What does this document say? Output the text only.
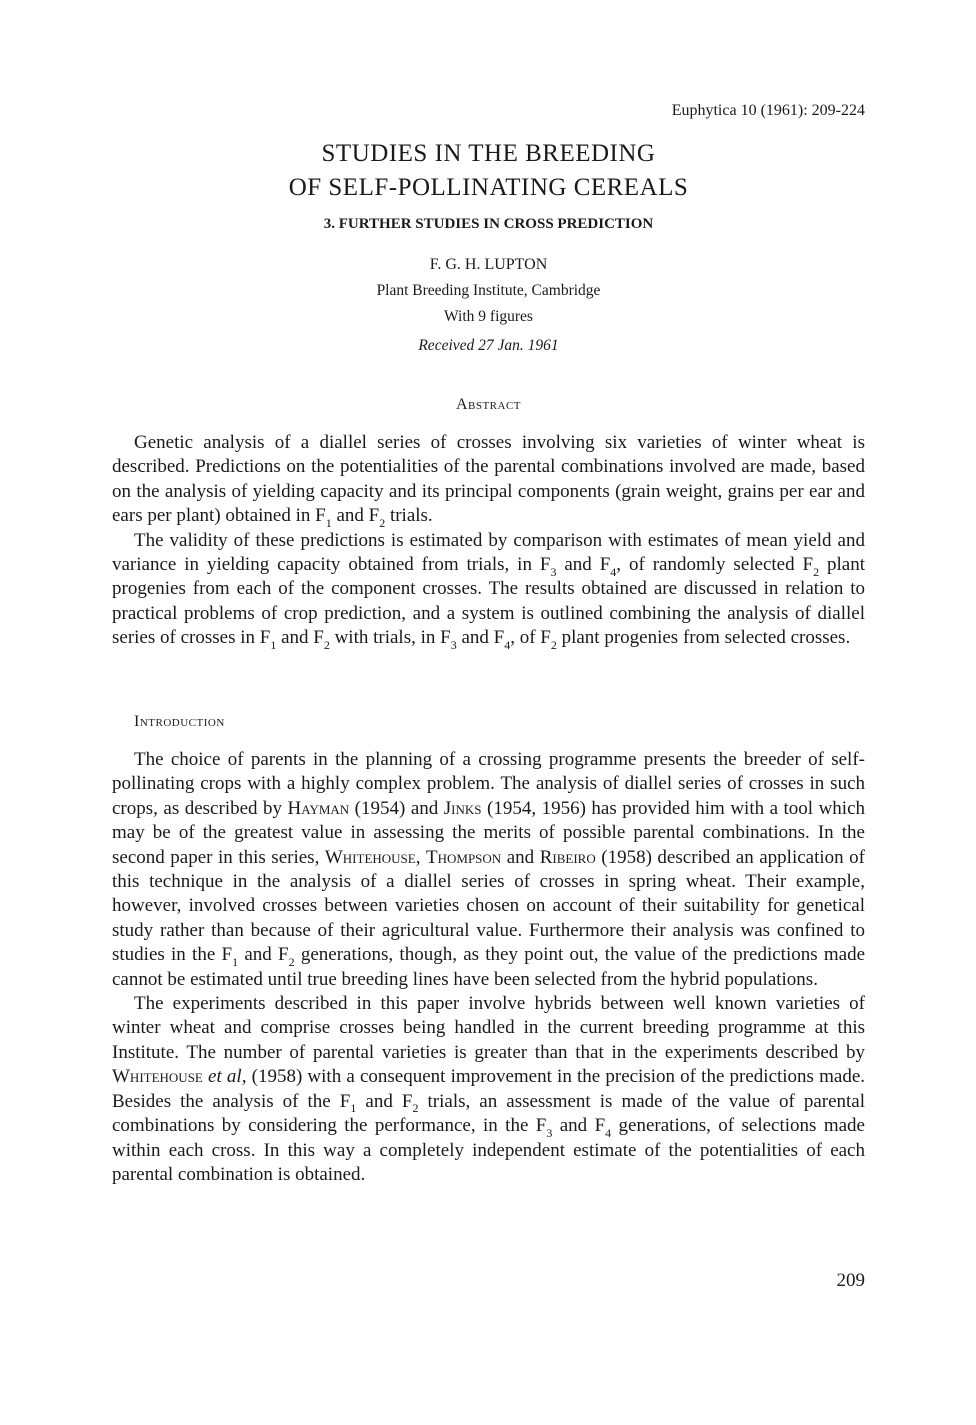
Euphytica 10 (1961): 209-224
STUDIES IN THE BREEDING
OF SELF-POLLINATING CEREALS
3. FURTHER STUDIES IN CROSS PREDICTION
F. G. H. LUPTON
Plant Breeding Institute, Cambridge
With 9 figures
Received 27 Jan. 1961
Abstract

Genetic analysis of a diallel series of crosses involving six varieties of winter wheat is described. Predictions on the potentialities of the parental combinations involved are made, based on the analysis of yielding capacity and its principal components (grain weight, grains per ear and ears per plant) obtained in $F_1$ and $F_2$ trials.

The validity of these predictions is estimated by comparison with estimates of mean yield and variance in yielding capacity obtained from trials, in $F_3$ and $F_4$, of randomly selected $F_2$ plant progenies from each of the component crosses. The results obtained are discussed in relation to practical problems of crop prediction, and a system is outlined combining the analysis of diallel series of crosses in $F_1$ and $F_2$ with trials, in $F_3$ and $F_4$, of $F_2$ plant progenies from selected crosses.

Introduction

The choice of parents in the planning of a crossing programme presents the breeder of self-pollinating crops with a highly complex problem. The analysis of diallel series of crosses in such crops, as described by Hayman (1954) and Jinks (1954, 1956) has provided him with a tool which may be of the greatest value in assessing the merits of possible parental combinations. In the second paper in this series, Whitehouse, Thompson and Ribeiro (1958) described an application of this technique in the analysis of a diallel series of crosses in spring wheat. Their example, however, involved crosses between varieties chosen on account of their suitability for genetical study rather than because of their agricultural value. Furthermore their analysis was confined to studies in the $F_1$ and $F_2$ generations, though, as they point out, the value of the predictions made cannot be estimated until true breeding lines have been selected from the hybrid populations.

The experiments described in this paper involve hybrids between well known varieties of winter wheat and comprise crosses being handled in the current breeding programme at this Institute. The number of parental varieties is greater than that in the experiments described by Whitehouse et al, (1958) with a consequent improvement in the precision of the predictions made. Besides the analysis of the $F_1$ and $F_2$ trials, an assessment is made of the value of parental combinations by considering the performance, in the $F_3$ and $F_4$ generations, of selections made within each cross. In this way a completely independent estimate of the potentialities of each parental combination is obtained.

209
